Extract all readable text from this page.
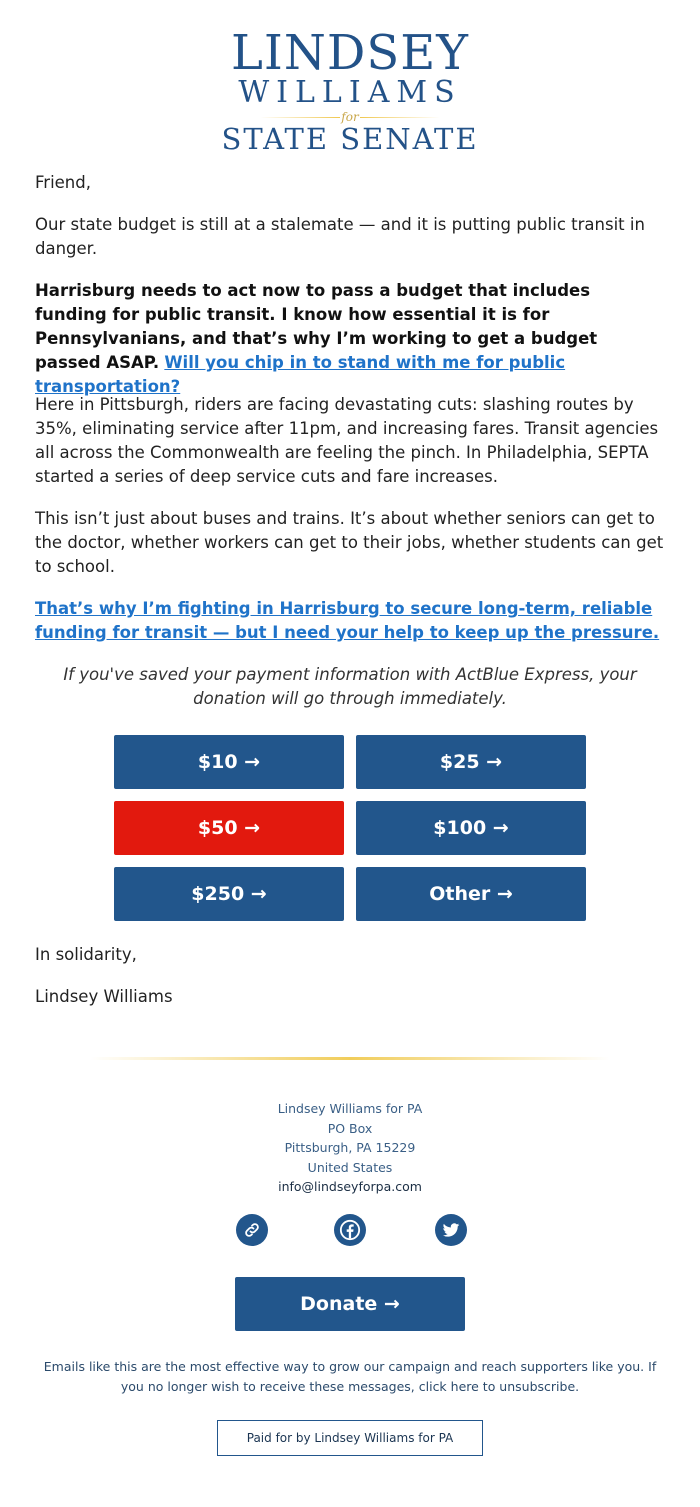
LINDSEY
WILLIAMS
for
STATE SENATE
Friend,
Our state budget is still at a stalemate — and it is putting public transit in danger.
Harrisburg needs to act now to pass a budget that includes funding for public transit. I know how essential it is for Pennsylvanians, and that’s why I’m working to get a budget passed ASAP. Will you chip in to stand with me for public transportation?
Here in Pittsburgh, riders are facing devastating cuts: slashing routes by 35%, eliminating service after 11pm, and increasing fares. Transit agencies all across the Commonwealth are feeling the pinch. In Philadelphia, SEPTA started a series of deep service cuts and fare increases.
This isn’t just about buses and trains. It’s about whether seniors can get to the doctor, whether workers can get to their jobs, whether students can get to school.
That’s why I’m fighting in Harrisburg to secure long-term, reliable funding for transit — but I need your help to keep up the pressure.
If you've saved your payment information with ActBlue Express, your donation will go through immediately.
$10 →	$25 →
$50 →	$100 →
$250 →	Other →
In solidarity,
Lindsey Williams
Lindsey Williams for PA
PO Box
Pittsburgh, PA 15229
United States
info@lindseyforpa.com
Donate →
Emails like this are the most effective way to grow our campaign and reach supporters like you. If you no longer wish to receive these messages, click here to unsubscribe.
Paid for by Lindsey Williams for PA
